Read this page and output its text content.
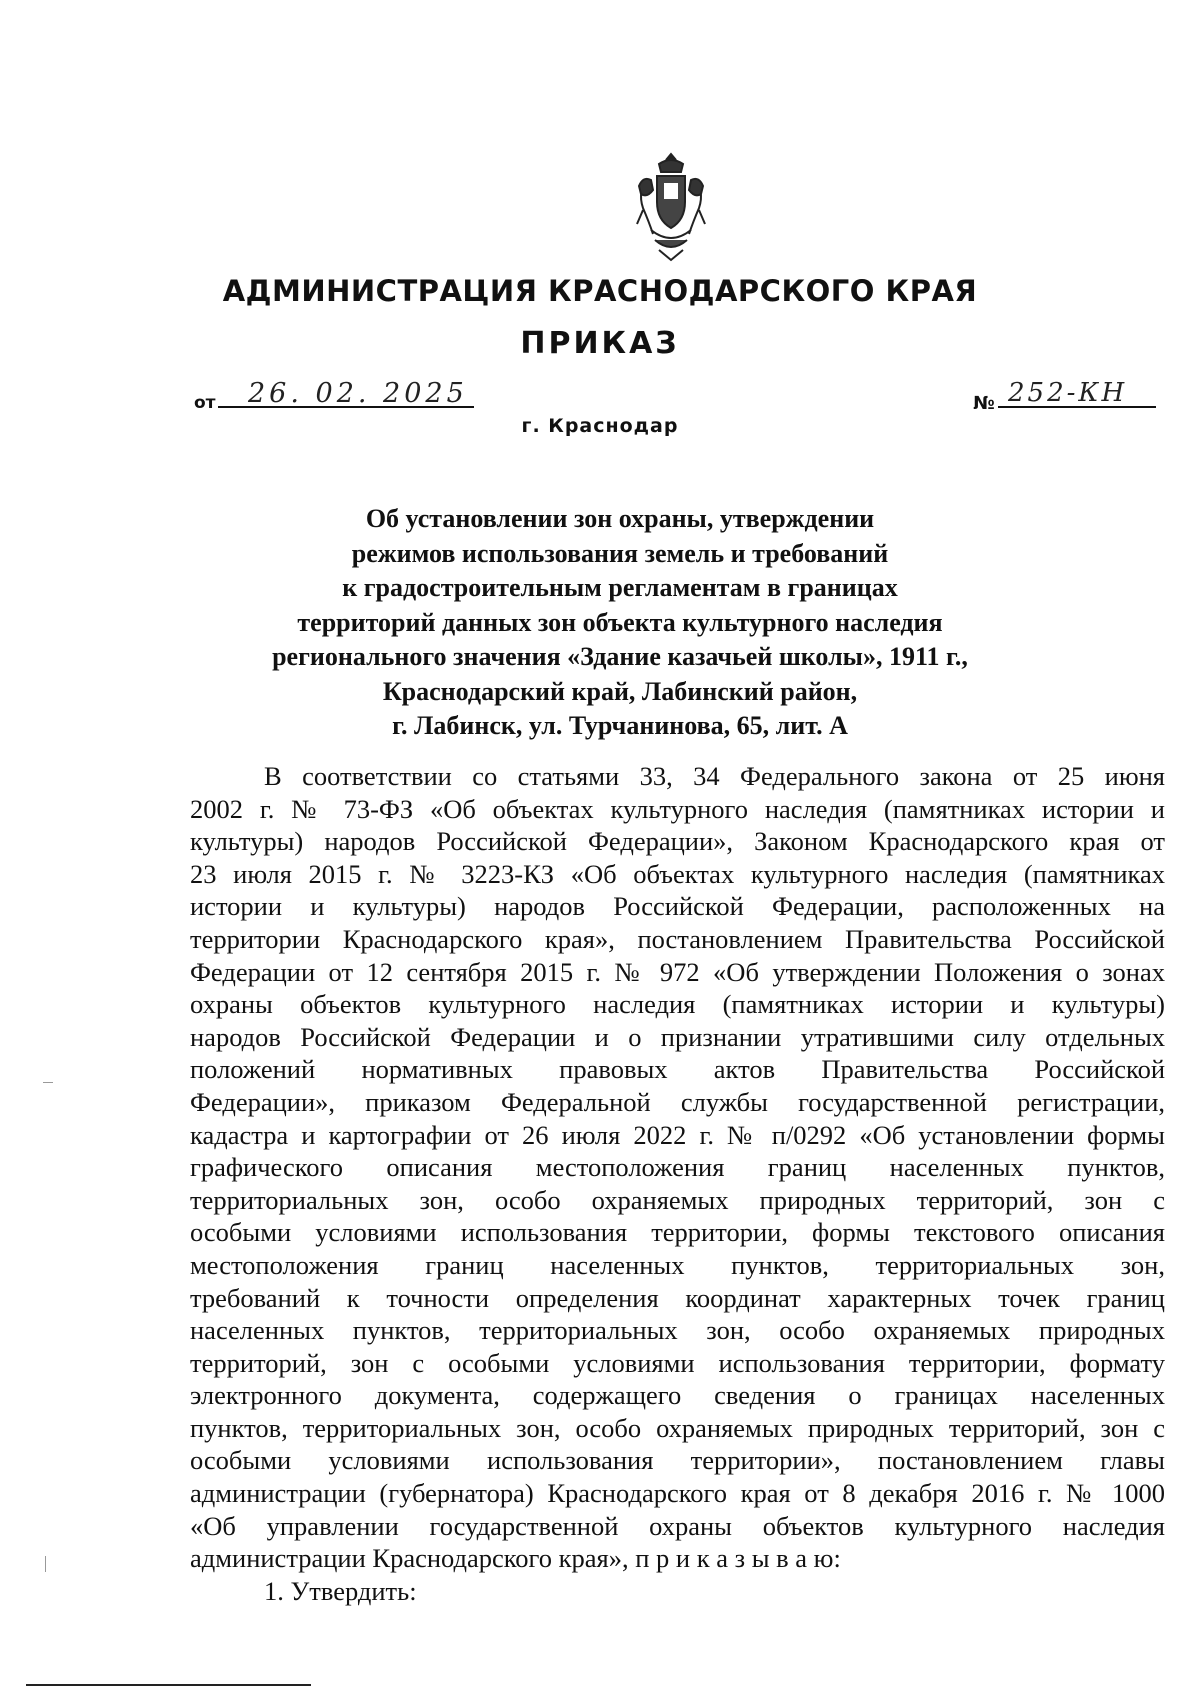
АДМИНИСТРАЦИЯ КРАСНОДАРСКОГО КРАЯ
ПРИКАЗ
от 26. 02. 2025	№ 252-КН
г. Краснодар
Об установлении зон охраны, утверждении
режимов использования земель и требований
к градостроительным регламентам в границах
территорий данных зон объекта культурного наследия
регионального значения «Здание казачьей школы», 1911 г.,
Краснодарский край, Лабинский район,
г. Лабинск, ул. Турчанинова, 65, лит. А
В соответствии со статьями 33, 34 Федерального закона от 25 июня
2002 г. № 73-ФЗ «Об объектах культурного наследия (памятниках истории и
культуры) народов Российской Федерации», Законом Краснодарского края от
23 июля 2015 г. № 3223-КЗ «Об объектах культурного наследия (памятниках
истории и культуры) народов Российской Федерации, расположенных на
территории Краснодарского края», постановлением Правительства Российской
Федерации от 12 сентября 2015 г. № 972 «Об утверждении Положения о зонах
охраны объектов культурного наследия (памятниках истории и культуры)
народов Российской Федерации и о признании утратившими силу отдельных
положений нормативных правовых актов Правительства Российской
Федерации», приказом Федеральной службы государственной регистрации,
кадастра и картографии от 26 июля 2022 г. № п/0292 «Об установлении формы
графического описания местоположения границ населенных пунктов,
территориальных зон, особо охраняемых природных территорий, зон с
особыми условиями использования территории, формы текстового описания
местоположения границ населенных пунктов, территориальных зон,
требований к точности определения координат характерных точек границ
населенных пунктов, территориальных зон, особо охраняемых природных
территорий, зон с особыми условиями использования территории, формату
электронного документа, содержащего сведения о границах населенных
пунктов, территориальных зон, особо охраняемых природных территорий, зон с
особыми условиями использования территории», постановлением главы
администрации (губернатора) Краснодарского края от 8 декабря 2016 г. № 1000
«Об управлении государственной охраны объектов культурного наследия
администрации Краснодарского края», п р и к а з ы в а ю:
1. Утвердить:
